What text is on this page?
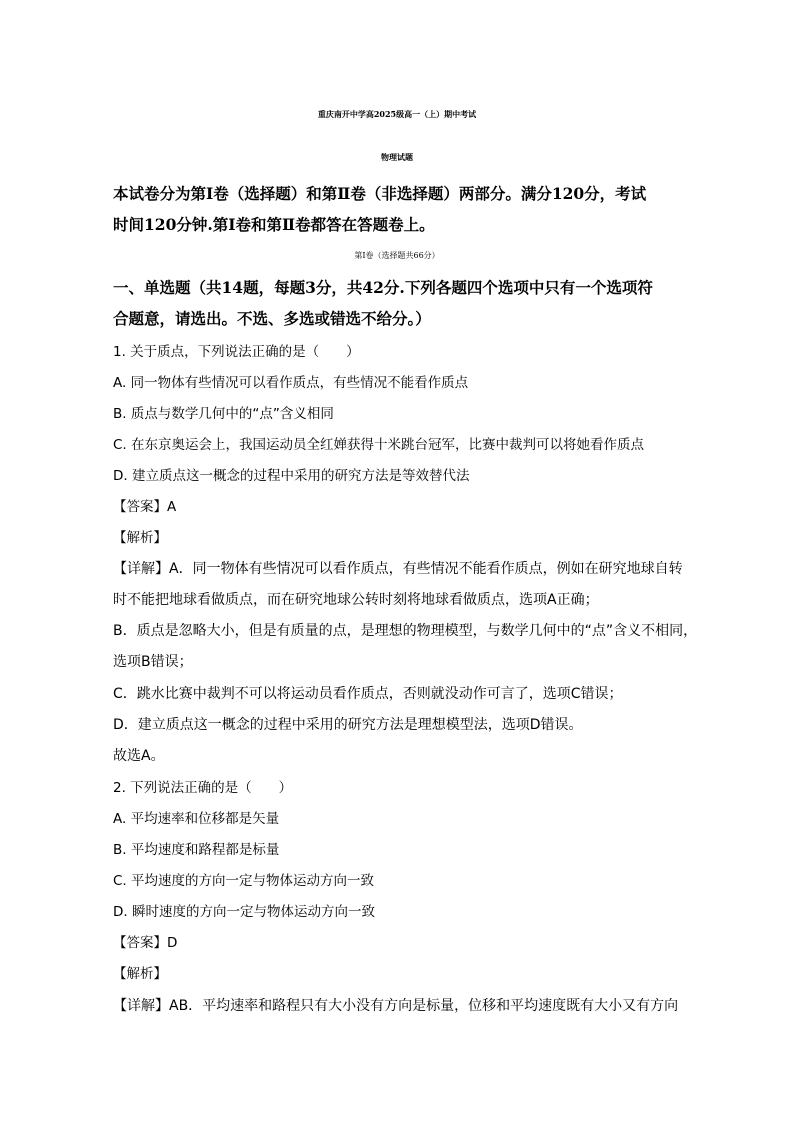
重庆南开中学高2025级高一（上）期中考试
物理试题
本试卷分为第Ⅰ卷（选择题）和第Ⅱ卷（非选择题）两部分。满分120分，考试
时间120分钟.第Ⅰ卷和第Ⅱ卷都答在答题卷上。
第Ⅰ卷（选择题共66分）
一、单选题（共14题，每题3分，共42分.下列各题四个选项中只有一个选项符
合题意，请选出。不选、多选或错选不给分。）
1. 关于质点，下列说法正确的是（　　）
A. 同一物体有些情况可以看作质点，有些情况不能看作质点
B. 质点与数学几何中的“点”含义相同
C. 在东京奥运会上，我国运动员全红婵获得十米跳台冠军，比赛中裁判可以将她看作质点
D. 建立质点这一概念的过程中采用的研究方法是等效替代法
【答案】A
【解析】
【详解】A．同一物体有些情况可以看作质点，有些情况不能看作质点，例如在研究地球自转
时不能把地球看做质点，而在研究地球公转时刻将地球看做质点，选项A正确；
B．质点是忽略大小，但是有质量的点，是理想的物理模型，与数学几何中的“点”含义不相同，
选项B错误；
C．跳水比赛中裁判不可以将运动员看作质点，否则就没动作可言了，选项C错误；
D．建立质点这一概念的过程中采用的研究方法是理想模型法，选项D错误。
故选A。
2. 下列说法正确的是（　　）
A. 平均速率和位移都是矢量
B. 平均速度和路程都是标量
C. 平均速度的方向一定与物体运动方向一致
D. 瞬时速度的方向一定与物体运动方向一致
【答案】D
【解析】
【详解】AB．平均速率和路程只有大小没有方向是标量，位移和平均速度既有大小又有方向
